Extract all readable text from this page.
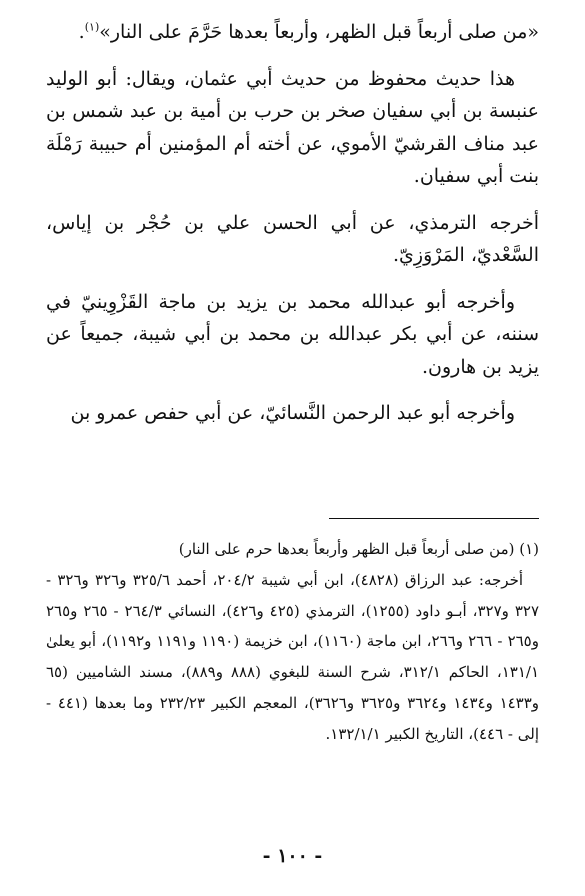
«من صلى أربعاً قبل الظهر، وأربعاً بعدها حَرَّمَ على النار»$^{(١)}$.

هذا حديث محفوظ من حديث أبي عثمان، ويقال: أبو الوليد عنبسة بن أبي سفيان صخر بن حرب بن أمية بن عبد شمس بن عبد مناف القرشيّ الأموي، عن أخته أم المؤمنين أم حبيبة رَمْلَة بنت أبي سفيان.

أخرجه الترمذي، عن أبي الحسن علي بن حُجْر بن إياس، السَّعْديّ، المَرْوَزِيّ.

وأخرجه أبو عبدالله محمد بن يزيد بن ماجة القَزْوِينيّ في سننه، عن أبي بكر عبدالله بن محمد بن أبي شيبة، جميعاً عن يزيد بن هارون.

وأخرجه أبو عبد الرحمن النَّسائيّ، عن أبي حفص عمرو بن

(١) (من صلى أربعاً قبل الظهر وأربعاً بعدها حرم على النار)

أخرجه: عبد الرزاق (٤٨٢٨)، ابن أبي شيبة ٢٠٤/٢، أحمد ٣٢٥/٦ و٣٢٦ و٣٢٦ - ٣٢٧ و٣٢٧، أبـو داود (١٢٥٥)، الترمذي (٤٢٥ و٤٢٦)، النسائي ٢٦٤/٣ - ٢٦٥ و٢٦٥ و٢٦٥ - ٢٦٦ و٢٦٦، ابن ماجة (١١٦٠)، ابن خزيمة (١١٩٠ و١١٩١ و١١٩٢)، أبو يعلىٰ ١٣١/١، الحاكم ٣١٢/١، شرح السنة للبغوي (٨٨٨ و٨٨٩)، مسند الشاميين (٦٥ و١٤٣٣ و١٤٣٤ و٣٦٢٤ و٣٦٢٥ و٣٦٢٦)، المعجم الكبير ٢٣٢/٢٣ وما بعدها (٤٤١ - إلى - ٤٤٦)، التاريخ الكبير ١٣٢/١/١.

- ١٠٠ -
